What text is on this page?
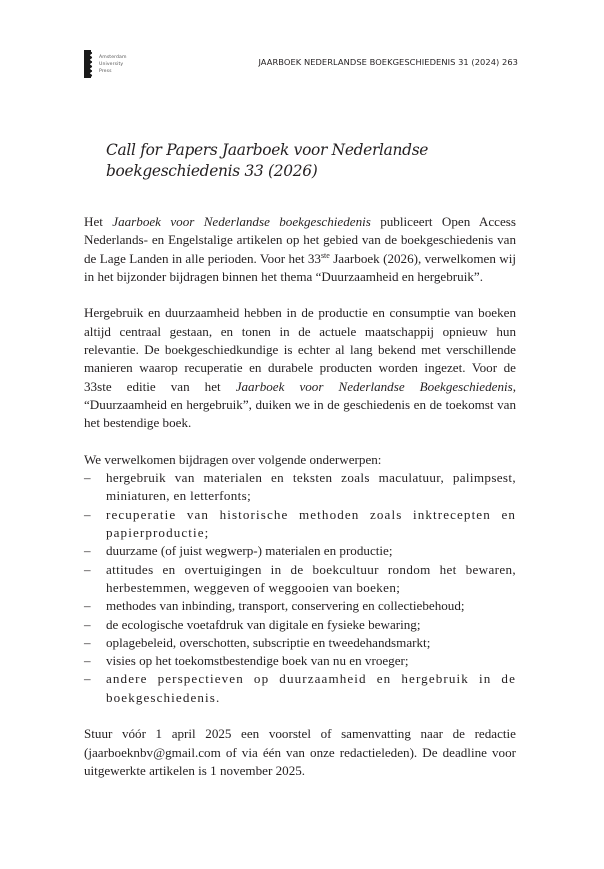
Amsterdam
University
Press
JAARBOEK NEDERLANDSE BOEKGESCHIEDENIS 31 (2024) 263
Call for Papers Jaarboek voor Nederlandse
boekgeschiedenis 33 (2026)

Het Jaarboek voor Nederlandse boekgeschiedenis publiceert Open Access Nederlands- en Engelstalige artikelen op het gebied van de boekgeschiedenis van de Lage Landen in alle perioden. Voor het 33ste Jaarboek (2026), verwelkomen wij in het bijzonder bijdragen binnen het thema “Duurzaamheid en hergebruik”.

Hergebruik en duurzaamheid hebben in de productie en consumptie van boeken altijd centraal gestaan, en tonen in de actuele maatschappij opnieuw hun relevantie. De boekgeschiedkundige is echter al lang bekend met verschillende manieren waarop recuperatie en durabele producten worden ingezet. Voor de 33ste editie van het Jaarboek voor Nederlandse Boekgeschiedenis, “Duurzaamheid en hergebruik”, duiken we in de geschiedenis en de toekomst van het bestendige boek.

We verwelkomen bijdragen over volgende onderwerpen:

– hergebruik van materialen en teksten zoals maculatuur, palimpsest, miniaturen, en letterfonts;
– recuperatie van historische methoden zoals inktrecepten en papierproductie;
– duurzame (of juist wegwerp-) materialen en productie;
– attitudes en overtuigingen in de boekcultuur rondom het bewaren, herbestemmen, weggeven of weggooien van boeken;
– methodes van inbinding, transport, conservering en collectiebehoud;
– de ecologische voetafdruk van digitale en fysieke bewaring;
– oplagebeleid, overschotten, subscriptie en tweedehandsmarkt;
– visies op het toekomstbestendige boek van nu en vroeger;
– andere perspectieven op duurzaamheid en hergebruik in de boekgeschiedenis.

Stuur vóór 1 april 2025 een voorstel of samenvatting naar de redactie (jaarboeknbv@gmail.com of via één van onze redactieleden). De deadline voor uitgewerkte artikelen is 1 november 2025.
